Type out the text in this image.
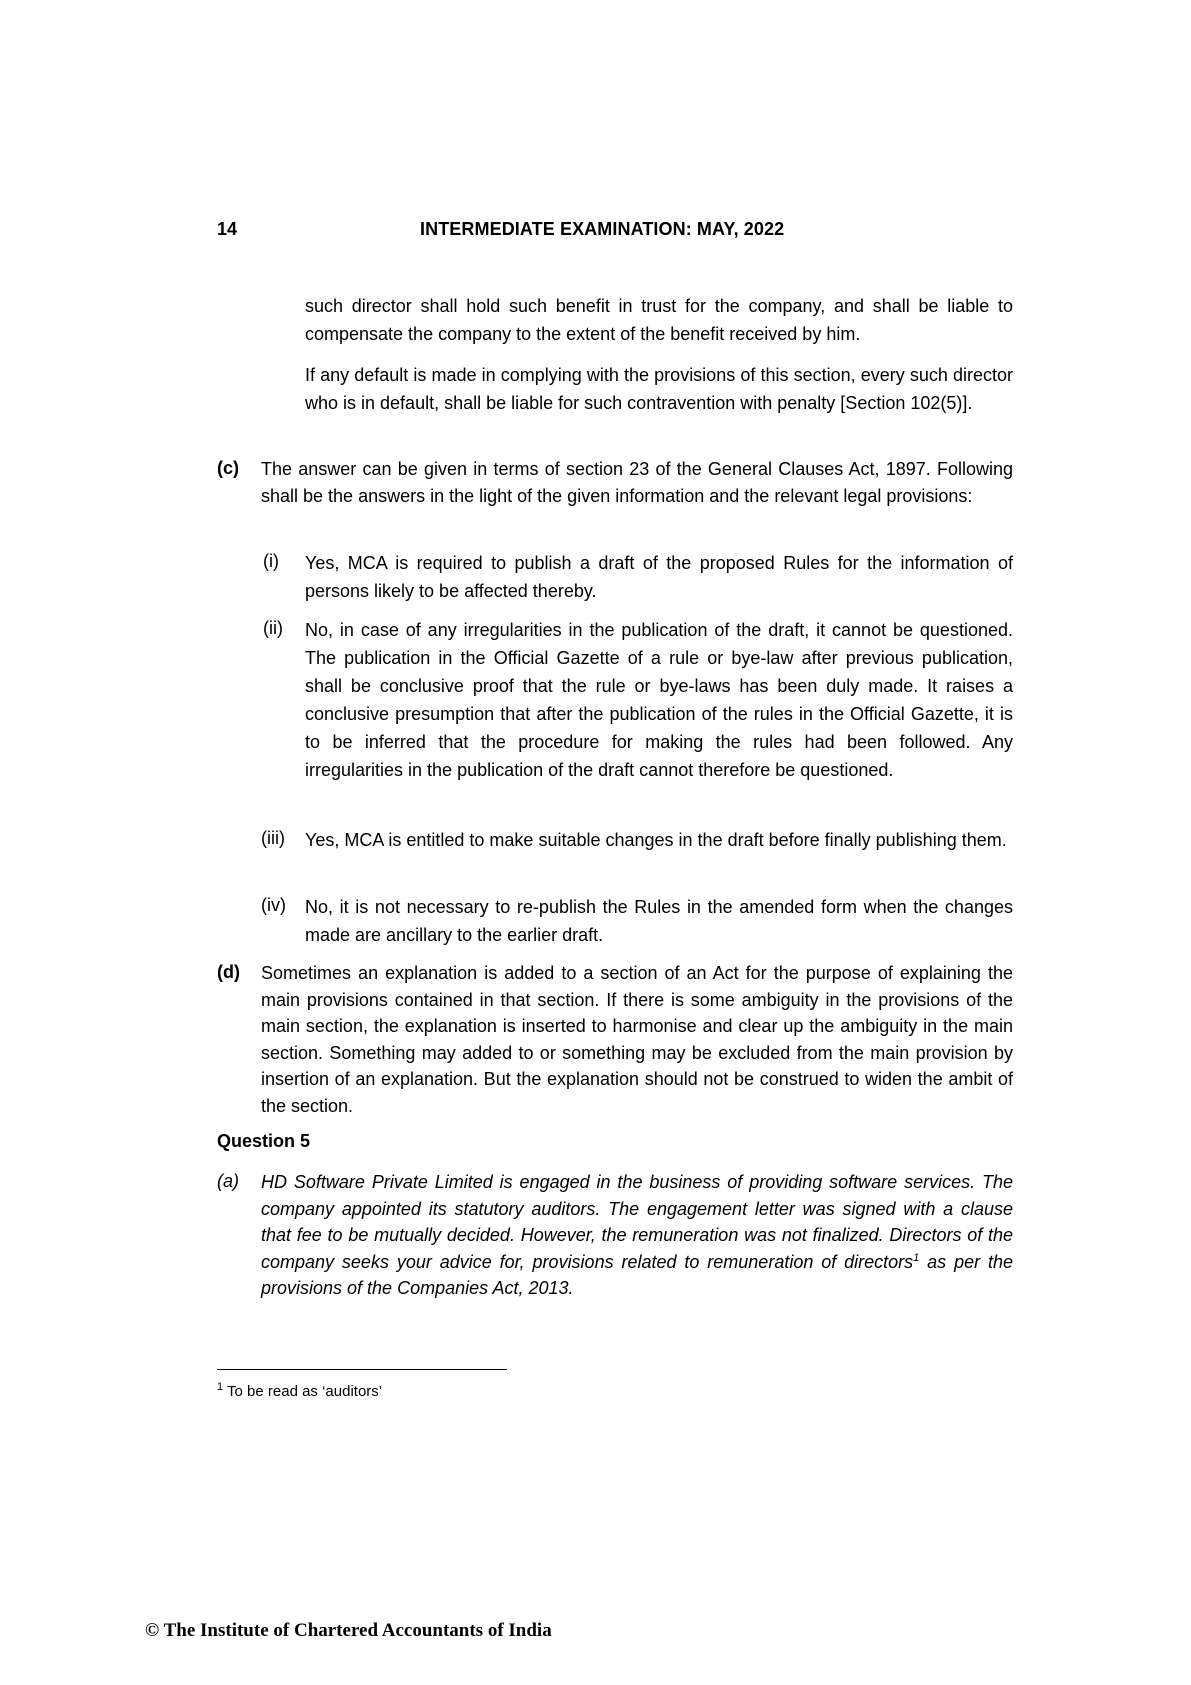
14	INTERMEDIATE EXAMINATION: MAY, 2022
such director shall hold such benefit in trust for the company, and shall be liable to compensate the company to the extent of the benefit received by him.
If any default is made in complying with the provisions of this section, every such director who is in default, shall be liable for such contravention with penalty [Section 102(5)].
(c) The answer can be given in terms of section 23 of the General Clauses Act, 1897. Following shall be the answers in the light of the given information and the relevant legal provisions:
(i) Yes, MCA is required to publish a draft of the proposed Rules for the information of persons likely to be affected thereby.
(ii) No, in case of any irregularities in the publication of the draft, it cannot be questioned. The publication in the Official Gazette of a rule or bye-law after previous publication, shall be conclusive proof that the rule or bye-laws has been duly made. It raises a conclusive presumption that after the publication of the rules in the Official Gazette, it is to be inferred that the procedure for making the rules had been followed. Any irregularities in the publication of the draft cannot therefore be questioned.
(iii) Yes, MCA is entitled to make suitable changes in the draft before finally publishing them.
(iv) No, it is not necessary to re-publish the Rules in the amended form when the changes made are ancillary to the earlier draft.
(d) Sometimes an explanation is added to a section of an Act for the purpose of explaining the main provisions contained in that section. If there is some ambiguity in the provisions of the main section, the explanation is inserted to harmonise and clear up the ambiguity in the main section. Something may added to or something may be excluded from the main provision by insertion of an explanation. But the explanation should not be construed to widen the ambit of the section.
Question 5
(a) HD Software Private Limited is engaged in the business of providing software services. The company appointed its statutory auditors. The engagement letter was signed with a clause that fee to be mutually decided. However, the remuneration was not finalized. Directors of the company seeks your advice for, provisions related to remuneration of directors$^1$ as per the provisions of the Companies Act, 2013.
$^1$ To be read as ‘auditors’
© The Institute of Chartered Accountants of India
